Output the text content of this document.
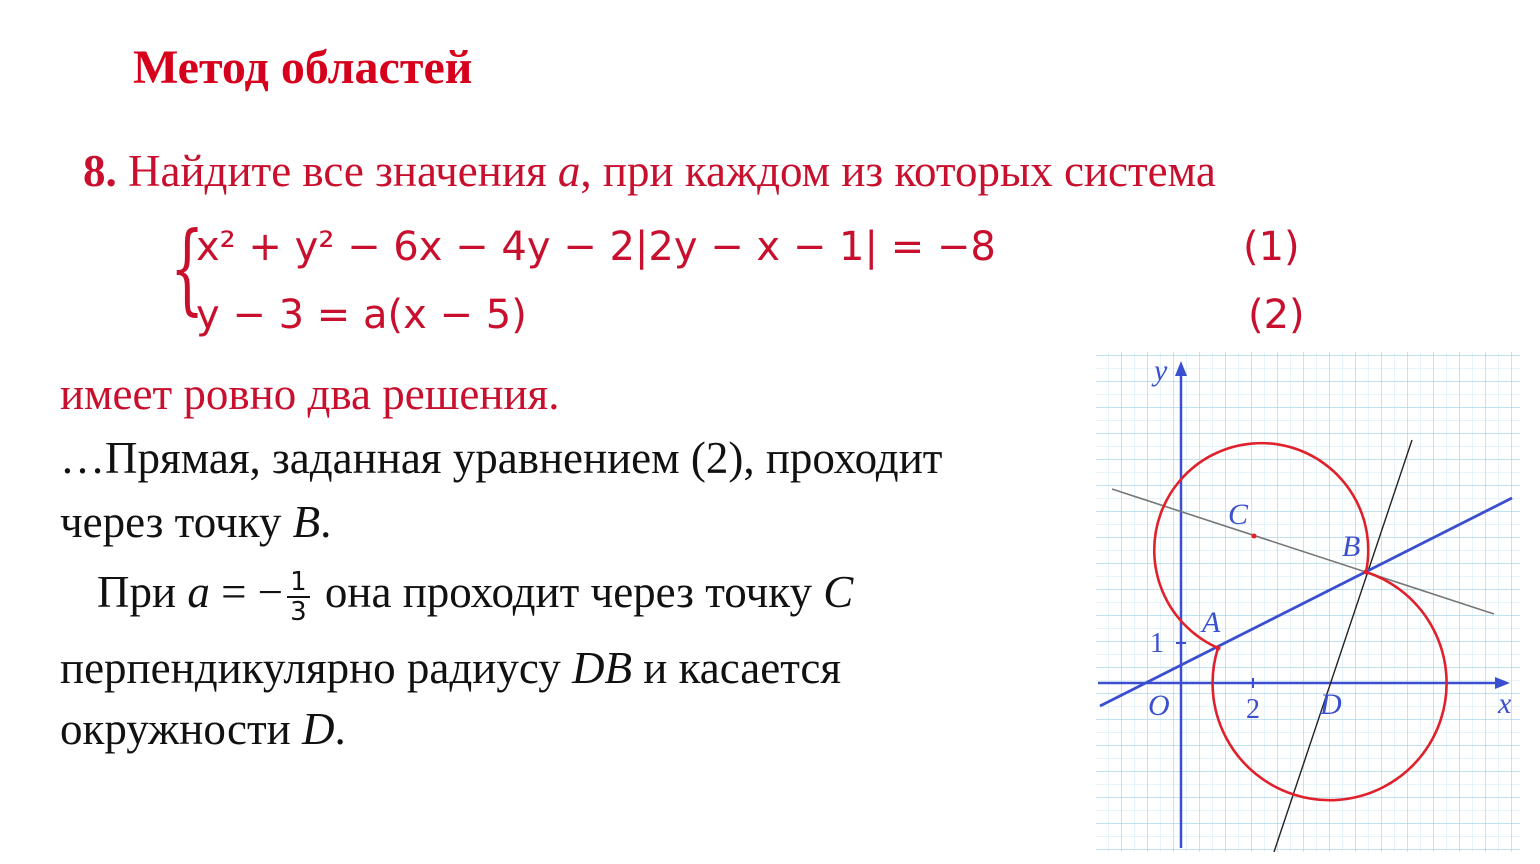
Метод областей
8. Найдите все значения a, при каждом из которых система
{
x² + y² − 6x − 4y − 2|2y − x − 1| = −8	(1)
y − 3 = a(x − 5)	(2)
имеет ровно два решения.
…Прямая, заданная уравнением (2), проходит
через точку B.
При a = − $\frac{1}{3}$ она проходит через точку C
перпендикулярно радиусу DB и касается
окружности D.
x
y
O
C
B
A
D
1
2
